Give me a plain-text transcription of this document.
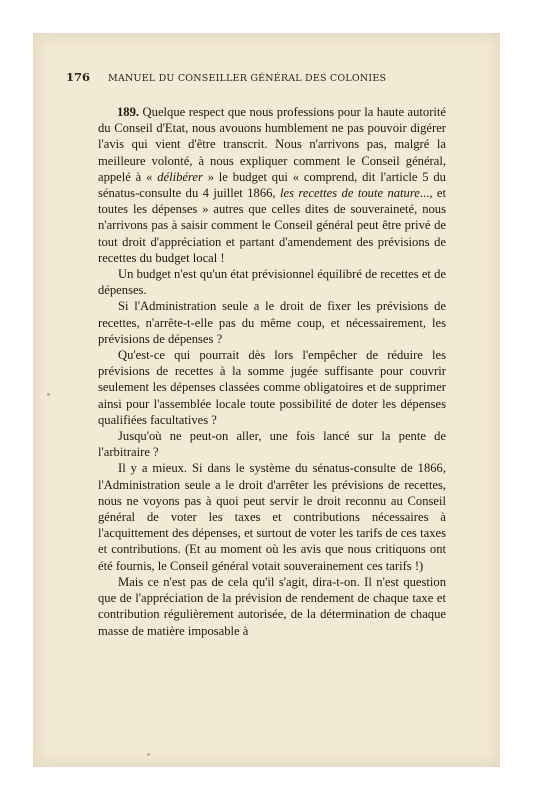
176 MANUEL DU CONSEILLER GÉNÉRAL DES COLONIES

189. Quelque respect que nous professions pour la haute autorité du Conseil d'Etat, nous avouons humblement ne pas pouvoir digérer l'avis qui vient d'être transcrit. Nous n'arrivons pas, malgré la meilleure volonté, à nous expliquer comment le Conseil général, appelé à « délibérer » le budget qui « comprend, dit l'article 5 du sénatus-consulte du 4 juillet 1866, les recettes de toute nature..., et toutes les dépenses » autres que celles dites de souveraineté, nous n'arrivons pas à saisir comment le Conseil général peut être privé de tout droit d'appréciation et partant d'amendement des prévisions de recettes du budget local !

Un budget n'est qu'un état prévisionnel équilibré de recettes et de dépenses.

Si l'Administration seule a le droit de fixer les prévisions de recettes, n'arrête-t-elle pas du même coup, et nécessairement, les prévisions de dépenses ?

Qu'est-ce qui pourrait dès lors l'empêcher de réduire les prévisions de recettes à la somme jugée suffisante pour couvrir seulement les dépenses classées comme obligatoires et de supprimer ainsi pour l'assemblée locale toute possibilité de doter les dépenses qualifiées facultatives ?

Jusqu'où ne peut-on aller, une fois lancé sur la pente de l'arbitraire ?

Il y a mieux. Si dans le système du sénatus-consulte de 1866, l'Administration seule a le droit d'arrêter les prévisions de recettes, nous ne voyons pas à quoi peut servir le droit reconnu au Conseil général de voter les taxes et contributions nécessaires à l'acquittement des dépenses, et surtout de voter les tarifs de ces taxes et contributions. (Et au moment où les avis que nous critiquons ont été fournis, le Conseil général votait souverainement ces tarifs !)

Mais ce n'est pas de cela qu'il s'agit, dira-t-on. Il n'est question que de l'appréciation de la prévision de rendement de chaque taxe et contribution régulièrement autorisée, de la détermination de chaque masse de matière imposable à
